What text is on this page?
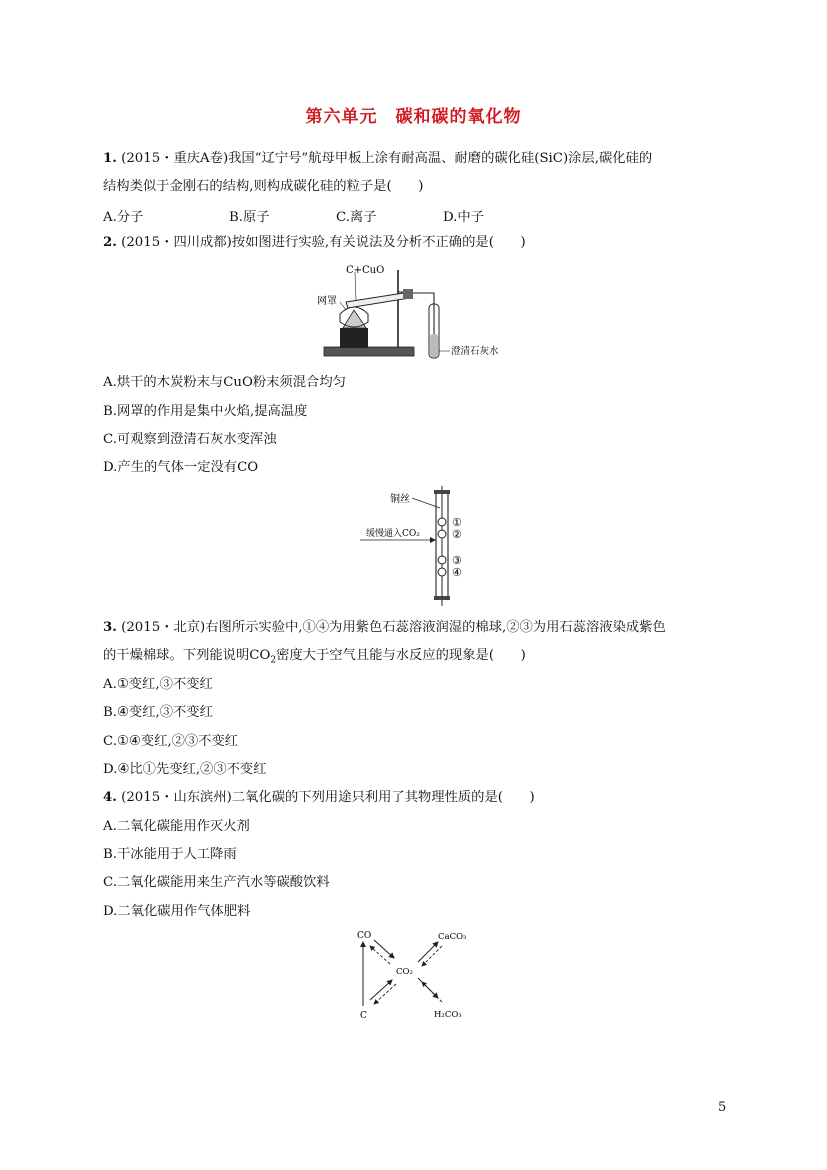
第六单元　碳和碳的氧化物
1. (2015・重庆A卷)我国“辽宁号”航母甲板上涂有耐高温、耐磨的碳化硅(SiC)涂层,碳化硅的
结构类似于金刚石的结构,则构成碳化硅的粒子是(　　)
A.分子	B.原子	C.离子	D.中子
2. (2015・四川成都)按如图进行实验,有关说法及分析不正确的是(　　)
C+CuO
网罩
澄清石灰水
A.烘干的木炭粉末与CuO粉末须混合均匀
B.网罩的作用是集中火焰,提高温度
C.可观察到澄清石灰水变浑浊
D.产生的气体一定没有CO
铜丝
缓慢通入CO₂
①
②
③
④
3. (2015・北京)右图所示实验中,①④为用紫色石蕊溶液润湿的棉球,②③为用石蕊溶液染成紫色
的干燥棉球。下列能说明$CO_2$密度大于空气且能与水反应的现象是(　　)
A.①变红,③不变红
B.④变红,③不变红
C.①④变红,②③不变红
D.④比①先变红,②③不变红
4. (2015・山东滨州)二氧化碳的下列用途只利用了其物理性质的是(　　)
A.二氧化碳能用作灭火剂
B.干冰能用于人工降雨
C.二氧化碳能用来生产汽水等碳酸饮料
D.二氧化碳用作气体肥料
CO	CaCO₃
CO₂
C	H₂CO₃
5
